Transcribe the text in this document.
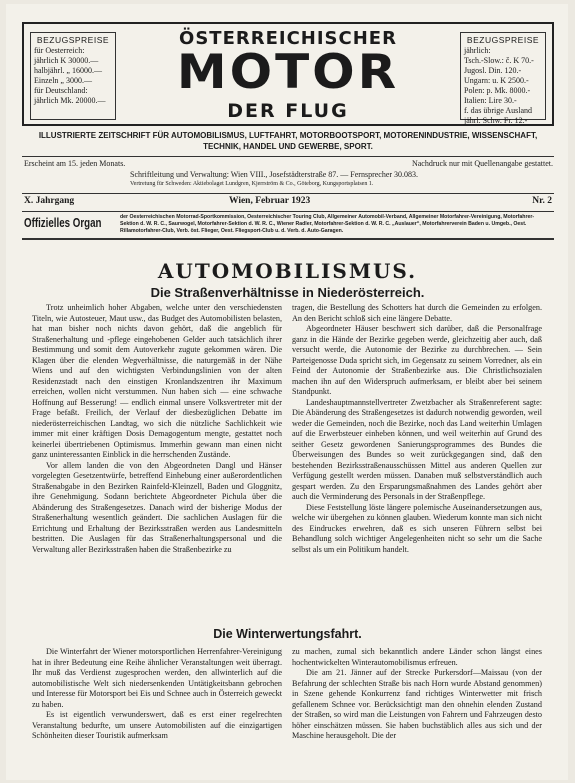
BEZUGSPREISE
für Oesterreich:
jährlich K 30000.—
halbjährl. „ 16000.—
Einzeln „ 3000.—
für Deutschland:
jährlich Mk. 20000.—
ÖSTERREICHISCHER
MOTOR
DER FLUG
BEZUGSPREISE
jährlich:
Tsch.-Slow.: č. K 70.-
Jugosl. Din. 120.-
Ungarn: u. K 2500.-
Polen: p. Mk. 8000.-
Italien: Lire 30.-
f. das übrige Ausland
jährl. Schw. Fr. 12.-
ILLUSTRIERTE ZEITSCHRIFT FÜR AUTOMOBILISMUS, LUFTFAHRT, MOTORBOOTSPORT, MOTORENINDUSTRIE, WISSENSCHAFT, TECHNIK, HANDEL UND GEWERBE, SPORT.
Erscheint am 15. jeden Monats.	Nachdruck nur mit Quellenangabe gestattet.
Schriftleitung und Verwaltung: Wien VIII., Josefstädterstraße 87. — Fernsprecher 30.083.
Vertretung für Schweden: Aktiebolaget Lundgren, Kjerrström & Co., Göteborg, Kungsportsplatsen 1.
X. Jahrgang	Wien, Februar 1923	Nr. 2
Offizielles Organ	der Oesterreichischen Motorrad-Sportkommission, Oesterreichischer Touring Club, Allgemeiner Automobil-Verband, Allgemeiner Motorfahrer-Vereinigung, Motorfahrer-Sektion d. W. R. C., Saurwogel, Motorfahrer-Sektion d. W. R. C., Wiener Radler, Motorfahrer-Sektion d. W. R. C. „Auslauer“, Motorfahrerverein Baden u. Umgeb., Oest. Rillamotorfahrer-Club, Verb. öst. Flieger, Oest. Fliegsport-Club u. d. Verb. d. Auto-Garagen.
AUTOMOBILISMUS.
Die Straßenverhältnisse in Niederösterreich.

Trotz unheimlich hoher Abgaben, welche unter den verschiedensten Titeln, wie Autosteuer, Maut usw., das Budget des Automobilisten belasten, hat man bisher noch nichts davon gehört, daß die angeblich für Straßenerhaltung und -pflege eingehobenen Gelder auch tatsächlich ihrer Bestimmung und somit dem Autoverkehr zugute gekommen wären. Die Klagen über die elenden Wegverhältnisse, die naturgemäß in der Nähe Wiens und auf den wichtigsten Verbindungslinien von der alten Residenzstadt nach den einstigen Kronlandszentren ihr Maximum erreichen, wollen nicht verstummen. Nun haben sich — eine schwache Hoffnung auf Besserung! — endlich einmal unsere Volksvertreter mit der Frage befaßt. Freilich, der Verlauf der diesbezüglichen Debatte im niederösterreichischen Landtag, wo sich die nützliche Sachlichkeit wie immer mit einer kräftigen Dosis Demagogentum mengte, gestattet noch keinerlei übertriebenen Optimismus. Immerhin gewann man einen nicht ganz uninteressanten Einblick in die herrschenden Zustände.

Vor allem landen die von den Abgeordneten Dangl und Hänser vorgelegten Gesetzentwürfe, betreffend Einhebung einer außerordentlichen Straßenabgabe in den Bezirken Rainfeld-Kleinzell, Baden und Gloggnitz, ihre Genehmigung. Sodann berichtete Abgeordneter Pichula über die Abänderung des Straßengesetzes. Danach wird der bisherige Modus der Straßenerhaltung wesentlich geändert. Die sachlichen Auslagen für die Errichtung und Erhaltung der Bezirksstraßen werden aus Landesmitteln bestritten. Die Auslagen für das Straßenerhaltungspersonal und die Verwaltung aller Bezirksstraßen haben die Straßenbezirke zu

tragen, die Bestellung des Schotters hat durch die Gemeinden zu erfolgen. An den Bericht schloß sich eine längere Debatte.

Abgeordneter Häuser beschwert sich darüber, daß die Personalfrage ganz in die Hände der Bezirke gegeben werde, gleichzeitig aber auch, daß versucht werde, die Autonomie der Bezirke zu durchbrechen. — Sein Parteigenosse Duda spricht sich, im Gegensatz zu seinem Vorredner, als ein Feind der Autonomie der Straßenbezirke aus. Die Christlichsozialen machen ihn auf den Widerspruch aufmerksam, er bleibt aber bei seinem Standpunkt.

Landeshauptmannstellvertreter Zwetzbacher als Straßenreferent sagte: Die Abänderung des Straßengesetzes ist dadurch notwendig geworden, weil weder die Gemeinden, noch die Bezirke, noch das Land weiterhin Umlagen auf die Erwerbsteuer einheben können, und weil weiterhin auf Grund des seither Gesetz gewordenen Sanierungsprogrammes des Bundes die Überweisungen des Bundes so weit zurückgegangen sind, daß den bestehenden Bezirksstraßenausschüssen Mittel aus anderen Quellen zur Verfügung gestellt werden müssen. Danaben muß selbstverständlich auch gespart werden. Zu den Ersparungsmaßnahmen des Landes gehört aber auch die Verminderung des Personals in der Straßenpflege.

Diese Feststellung löste längere polemische Auseinandersetzungen aus, welche wir übergehen zu können glauben. Wiederum konnte man sich nicht des Eindruckes erwehren, daß es sich unseren Führern selbst bei Behandlung solch wichtiger Angelegenheiten nicht so sehr um die Sache selbst als um ein Politikum handelt.

Die Winterwertungsfahrt.

Die Winterfahrt der Wiener motorsportlichen Herrenfahrer-Vereinigung hat in ihrer Bedeutung eine Reihe ähnlicher Veranstaltungen weit überragt. Ihr muß das Verdienst zugesprochen werden, den allwinterlich auf die automobilistische Welt sich niedersenkenden Untätigkeitsbann gebrochen und Interesse für Motorsport bei Eis und Schnee auch in Österreich geweckt zu haben.

Es ist eigentlich verwunderswert, daß es erst einer regelrechten Veranstaltung bedurfte, um unsere Automobilisten auf die einzigartigen Schönheiten dieser Touristik aufmerksam

zu machen, zumal sich bekanntlich andere Länder schon längst eines hochentwickelten Winterautomobilismus erfreuen.

Die am 21. Jänner auf der Strecke Purkersdorf—Maissau (von der Befahrung der schlechten Straße bis nach Horn wurde Abstand genommen) in Szene gehende Konkurrenz fand richtiges Winterwetter mit frisch gefallenem Schnee vor. Berücksichtigt man den ohnehin elenden Zustand der Straßen, so wird man die Leistungen von Fahrern und Fahrzeugen desto höher einschätzen müssen. Sie haben buchstäblich alles aus sich und der Maschine herausgeholt. Die der
